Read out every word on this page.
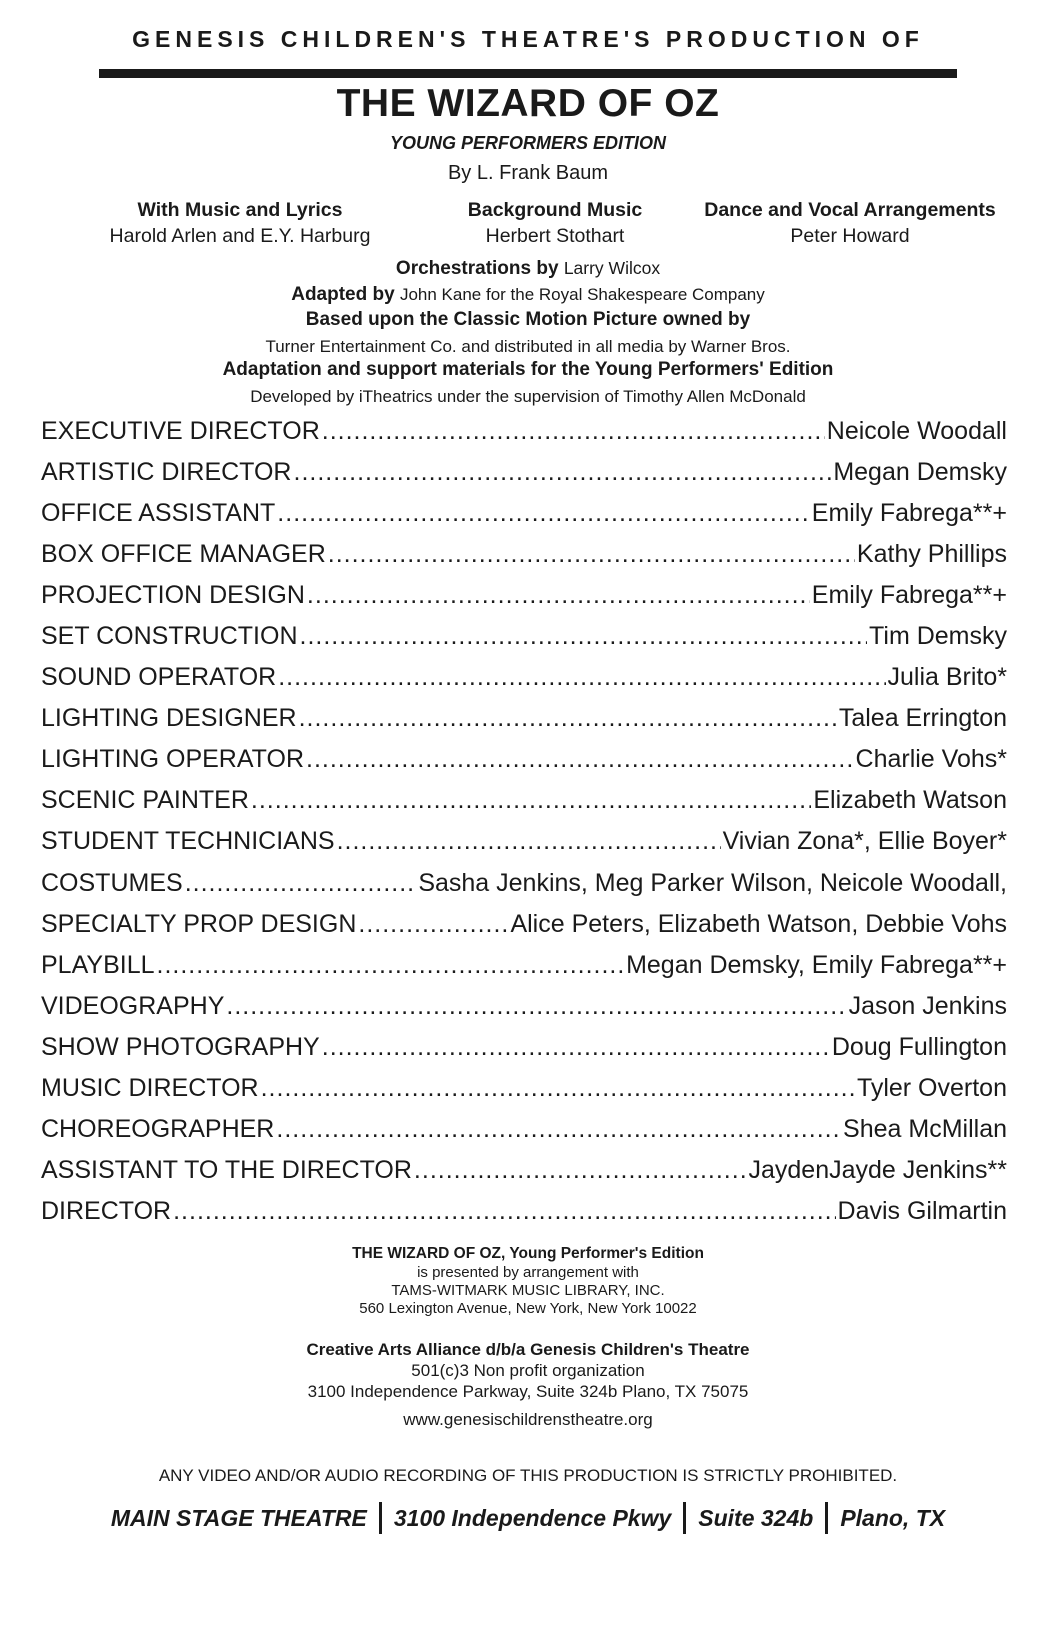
GENESIS CHILDREN'S THEATRE'S PRODUCTION OF
THE WIZARD OF OZ
YOUNG PERFORMERS EDITION
By L. Frank Baum
With Music and Lyrics
Harold Arlen and E.Y. Harburg
Background Music
Herbert Stothart
Dance and Vocal Arrangements
Peter Howard
Orchestrations by Larry Wilcox
Adapted by John Kane for the Royal Shakespeare Company
Based upon the Classic Motion Picture owned by
Turner Entertainment Co. and distributed in all media by Warner Bros.
Adaptation and support materials for the Young Performers' Edition
Developed by iTheatrics under the supervision of Timothy Allen McDonald
EXECUTIVE DIRECTOR .....	Neicole Woodall
ARTISTIC DIRECTOR .....	Megan Demsky
OFFICE ASSISTANT .....	Emily Fabrega**+
BOX OFFICE MANAGER .....	Kathy Phillips
PROJECTION DESIGN .....	Emily Fabrega**+
SET CONSTRUCTION .....	Tim Demsky
SOUND OPERATOR .....	Julia Brito*
LIGHTING DESIGNER .....	Talea Errington
LIGHTING OPERATOR .....	Charlie Vohs*
SCENIC PAINTER .....	Elizabeth Watson
STUDENT TECHNICIANS .....	Vivian Zona*, Ellie Boyer*
COSTUMES .....	Sasha Jenkins, Meg Parker Wilson, Neicole Woodall,
SPECIALTY PROP DESIGN .....	Alice Peters, Elizabeth Watson, Debbie Vohs
PLAYBILL .....	Megan Demsky, Emily Fabrega**+
VIDEOGRAPHY .....	Jason Jenkins
SHOW PHOTOGRAPHY .....	Doug Fullington
MUSIC DIRECTOR .....	Tyler Overton
CHOREOGRAPHER .....	Shea McMillan
ASSISTANT TO THE DIRECTOR .....	JaydenJayde Jenkins**
DIRECTOR .....	Davis Gilmartin
THE WIZARD OF OZ, Young Performer's Edition
is presented by arrangement with
TAMS-WITMARK MUSIC LIBRARY, INC.
560 Lexington Avenue, New York, New York 10022
Creative Arts Alliance d/b/a Genesis Children's Theatre
501(c)3 Non profit organization
3100 Independence Parkway, Suite 324b Plano, TX 75075
www.genesischildrenstheatre.org
ANY VIDEO AND/OR AUDIO RECORDING OF THIS PRODUCTION IS STRICTLY PROHIBITED.
MAIN STAGE THEATRE	3100 Independence Pkwy	Suite 324b	Plano, TX
